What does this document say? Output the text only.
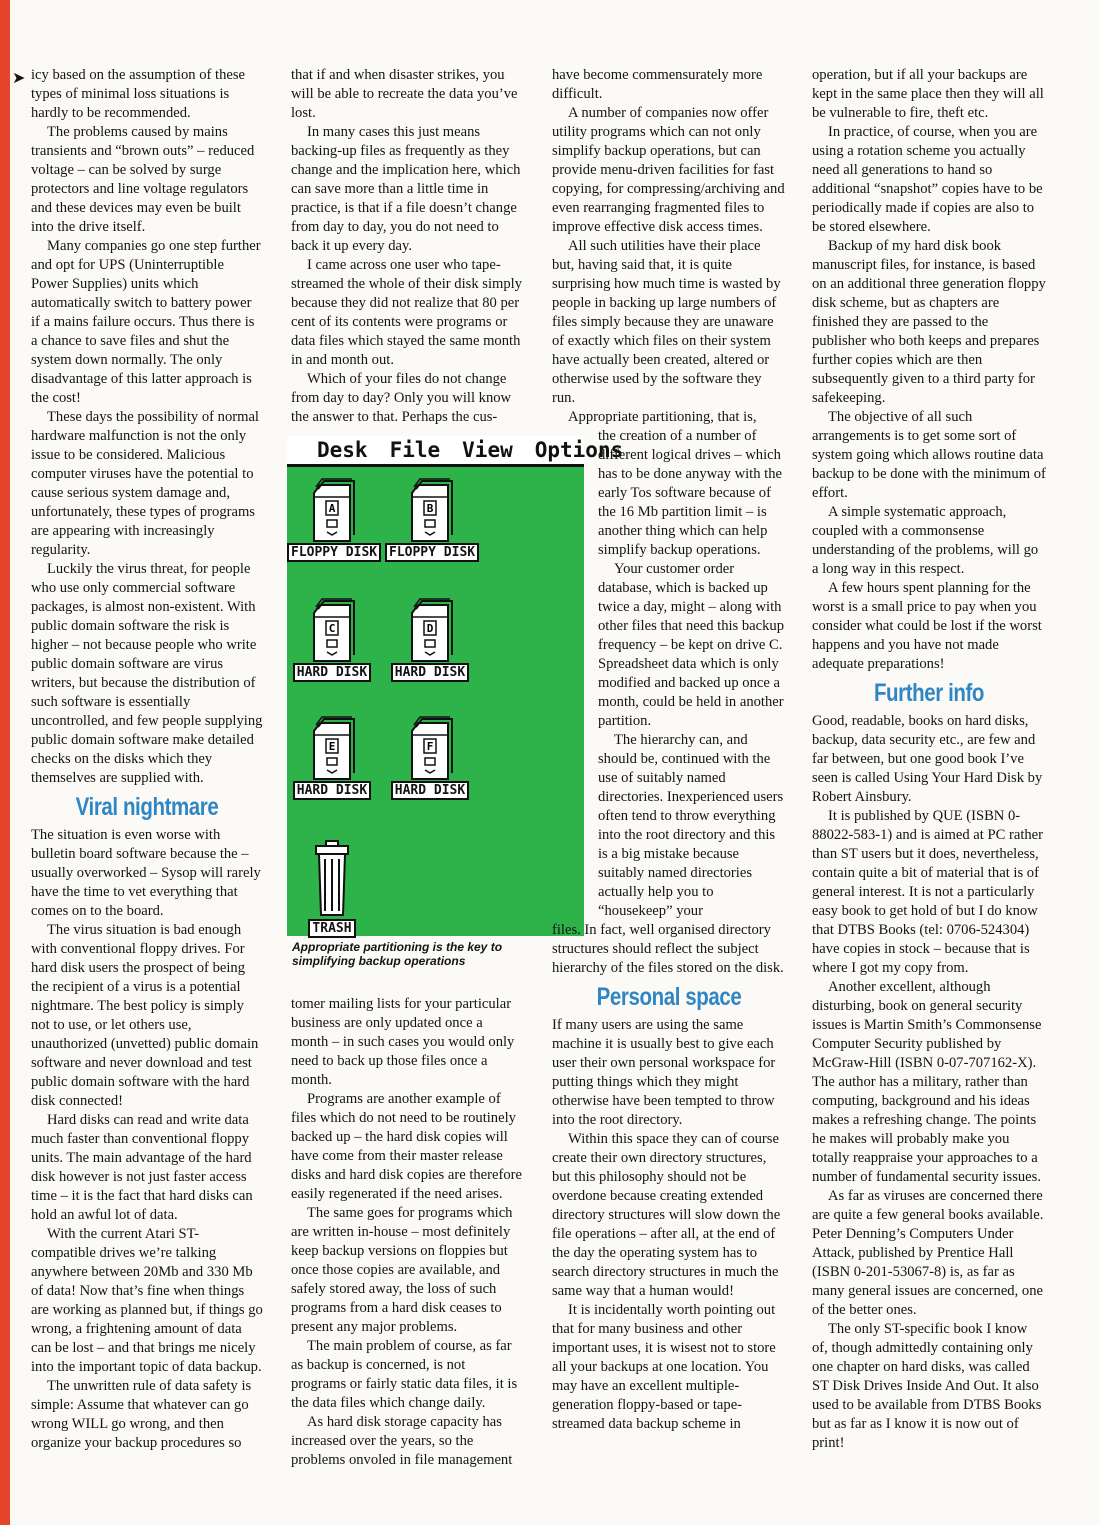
➤ icy based on the assumption of these types of minimal loss situations is hardly to be recommended.

The problems caused by mains transients and “brown outs” – reduced voltage – can be solved by surge protectors and line voltage regulators and these devices may even be built into the drive itself.

Many companies go one step further and opt for UPS (Uninterruptible Power Supplies) units which automatically switch to battery power if a mains failure occurs. Thus there is a chance to save files and shut the system down normally. The only disadvantage of this latter approach is the cost!

These days the possibility of normal hardware malfunction is not the only issue to be considered. Malicious computer viruses have the potential to cause serious system damage and, unfortunately, these types of programs are appearing with increasingly regularity.

Luckily the virus threat, for people who use only commercial software packages, is almost non-existent. With public domain software the risk is higher – not because people who write public domain software are virus writers, but because the distribution of such software is essentially uncontrolled, and few people supplying public domain software make detailed checks on the disks which they themselves are supplied with.

Viral nightmare

The situation is even worse with bulletin board software because the – usually overworked – Sysop will rarely have the time to vet everything that comes on to the board.

The virus situation is bad enough with conventional floppy drives. For hard disk users the prospect of being the recipient of a virus is a potential nightmare. The best policy is simply not to use, or let others use, unauthorized (unvetted) public domain software and never download and test public domain software with the hard disk connected!

Hard disks can read and write data much faster than conventional floppy units. The main advantage of the hard disk however is not just faster access time – it is the fact that hard disks can hold an awful lot of data.

With the current Atari ST-compatible drives we’re talking anywhere between 20Mb and 330 Mb of data! Now that’s fine when things are working as planned but, if things go wrong, a frightening amount of data can be lost – and that brings me nicely into the important topic of data backup.

The unwritten rule of data safety is simple: Assume that whatever can go wrong WILL go wrong, and then organize your backup procedures so

that if and when disaster strikes, you will be able to recreate the data you’ve lost.

In many cases this just means backing-up files as frequently as they change and the implication here, which can save more than a little time in practice, is that if a file doesn’t change from day to day, you do not need to back it up every day.

I came across one user who tape-streamed the whole of their disk simply because they did not realize that 80 per cent of its contents were programs or data files which stayed the same month in and month out.

Which of your files do not change from day to day? Only you will know the answer to that. Perhaps the cus-

Desk File View Options
A
FLOPPY DISK
B
FLOPPY DISK
C
HARD DISK
D
HARD DISK
E
HARD DISK
F
HARD DISK
TRASH
Appropriate partitioning is the key to simplifying backup operations

tomer mailing lists for your particular business are only updated once a month – in such cases you would only need to back up those files once a month.

Programs are another example of files which do not need to be routinely backed up – the hard disk copies will have come from their master release disks and hard disk copies are therefore easily regenerated if the need arises.

The same goes for programs which are written in-house – most definitely keep backup versions on floppies but once those copies are available, and safely stored away, the loss of such programs from a hard disk ceases to present any major problems.

The main problem of course, as far as backup is concerned, is not programs or fairly static data files, it is the data files which change daily.

As hard disk storage capacity has increased over the years, so the problems onvoled in file management

have become commensurately more difficult.

A number of companies now offer utility programs which can not only simplify backup operations, but can provide menu-driven facilities for fast copying, for compressing/archiving and even rearranging fragmented files to improve effective disk access times.

All such utilities have their place but, having said that, it is quite surprising how much time is wasted by people in backing up large numbers of files simply because they are unaware of exactly which files on their system have actually been created, altered or otherwise used by the software they run.

Appropriate partitioning, that is,

the creation of a number of different logical drives – which has to be done anyway with the early Tos software because of the 16 Mb partition limit – is another thing which can help simplify backup operations.

Your customer order database, which is backed up twice a day, might – along with other files that need this backup frequency – be kept on drive C. Spreadsheet data which is only modified and backed up once a month, could be held in another partition.

The hierarchy can, and should be, continued with the use of suitably named directories. Inexperienced users often tend to throw everything into the root directory and this is a big mistake because suitably named directories actually help you to “housekeep” your

files. In fact, well organised directory structures should reflect the subject hierarchy of the files stored on the disk.

Personal space

If many users are using the same machine it is usually best to give each user their own personal workspace for putting things which they might otherwise have been tempted to throw into the root directory.

Within this space they can of course create their own directory structures, but this philosophy should not be overdone because creating extended directory structures will slow down the file operations – after all, at the end of the day the operating system has to search directory structures in much the same way that a human would!

It is incidentally worth pointing out that for many business and other important uses, it is wisest not to store all your backups at one location. You may have an excellent multiple-generation floppy-based or tape-streamed data backup scheme in

operation, but if all your backups are kept in the same place then they will all be vulnerable to fire, theft etc.

In practice, of course, when you are using a rotation scheme you actually need all generations to hand so additional “snapshot” copies have to be periodically made if copies are also to be stored elsewhere.

Backup of my hard disk book manuscript files, for instance, is based on an additional three generation floppy disk scheme, but as chapters are finished they are passed to the publisher who both keeps and prepares further copies which are then subsequently given to a third party for safekeeping.

The objective of all such arrangements is to get some sort of system going which allows routine data backup to be done with the minimum of effort.

A simple systematic approach, coupled with a commonsense understanding of the problems, will go a long way in this respect.

A few hours spent planning for the worst is a small price to pay when you consider what could be lost if the worst happens and you have not made adequate preparations!

Further info

Good, readable, books on hard disks, backup, data security etc., are few and far between, but one good book I’ve seen is called Using Your Hard Disk by Robert Ainsbury.

It is published by QUE (ISBN 0-88022-583-1) and is aimed at PC rather than ST users but it does, nevertheless, contain quite a bit of material that is of general interest. It is not a particularly easy book to get hold of but I do know that DTBS Books (tel: 0706-524304) have copies in stock – because that is where I got my copy from.

Another excellent, although disturbing, book on general security issues is Martin Smith’s Commonsense Computer Security published by McGraw-Hill (ISBN 0-07-707162-X). The author has a military, rather than computing, background and his ideas makes a refreshing change. The points he makes will probably make you totally reappraise your approaches to a number of fundamental security issues.

As far as viruses are concerned there are quite a few general books available. Peter Denning’s Computers Under Attack, published by Prentice Hall (ISBN 0-201-53067-8) is, as far as many general issues are concerned, one of the better ones.

The only ST-specific book I know of, though admittedly containing only one chapter on hard disks, was called ST Disk Drives Inside And Out. It also used to be available from DTBS Books but as far as I know it is now out of print!
